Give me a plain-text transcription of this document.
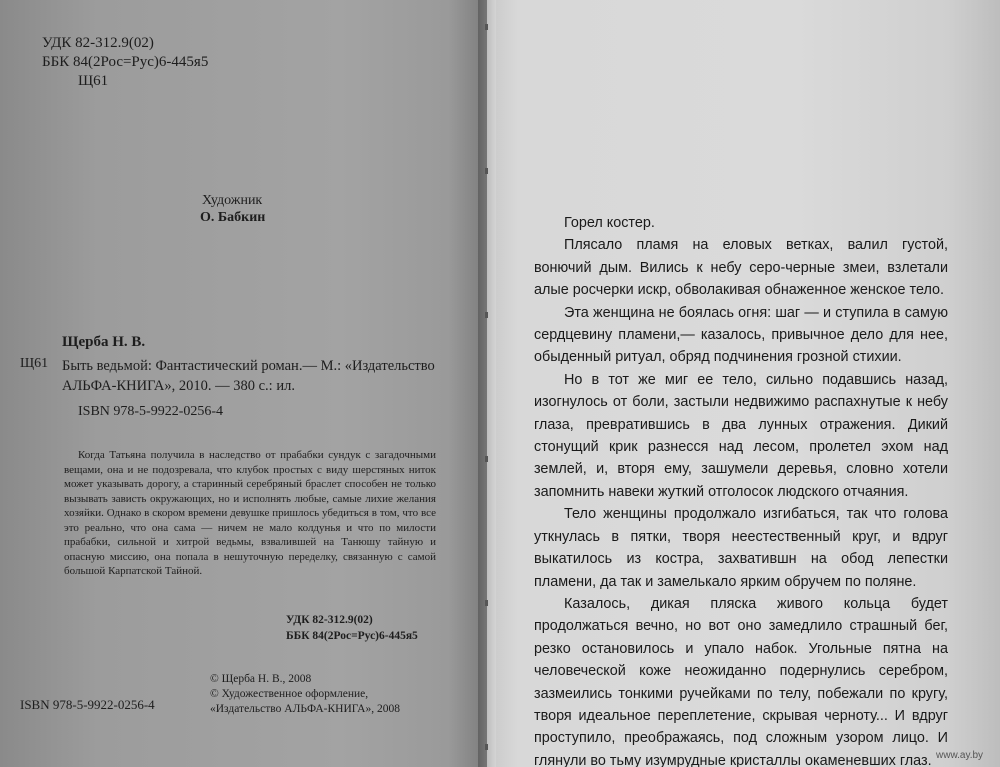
УДК 82-312.9(02)

ББК 84(2Рос=Рус)6-445я5

Щ61

Художник

О. Бабкин

Щерба Н. В.

Щ61 Быть ведьмой: Фантастический роман.— М.: «Издательство АЛЬФА-КНИГА», 2010. — 380 с.: ил.

ISBN 978-5-9922-0256-4

Когда Татьяна получила в наследство от прабабки сундук с загадочными вещами, она и не подозревала, что клубок простых с виду шерстяных ниток может указывать дорогу, а старинный серебряный браслет способен не только вызывать зависть окружающих, но и исполнять любые, самые лихие желания хозяйки. Однако в скором времени девушке пришлось убедиться в том, что все это реально, что она сама — ничем не мало колдунья и что по милости прабабки, сильной и хитрой ведьмы, взвалившей на Танюшу тайную и опасную миссию, она попала в нешуточную переделку, связанную с самой большой Карпатской Тайной.

УДК 82-312.9(02)

ББК 84(2Рос=Рус)6-445я5

© Щерба Н. В., 2008

© Художественное оформление,

«Издательство АЛЬФА-КНИГА», 2008

ISBN 978-5-9922-0256-4

Горел костер.

Плясало пламя на еловых ветках, валил густой, вонючий дым. Вились к небу серо-черные змеи, взлетали алые росчерки искр, обволакивая обнаженное женское тело.

Эта женщина не боялась огня: шаг — и ступила в самую сердцевину пламени,— казалось, привычное дело для нее, обыденный ритуал, обряд подчинения грозной стихии.

Но в тот же миг ее тело, сильно подавшись назад, изогнулось от боли, застыли недвижимо распахнутые к небу глаза, превратившись в два лунных отражения. Дикий стонущий крик разнесся над лесом, пролетел эхом над землей, и, вторя ему, зашумели деревья, словно хотели запомнить навеки жуткий отголосок людского отчаяния.

Тело женщины продолжало изгибаться, так что голова уткнулась в пятки, творя неестественный круг, и вдруг выкатилось из костра, захватившн на обод лепестки пламени, да так и замелькало ярким обручем по поляне.

Казалось, дикая пляска живого кольца будет продолжаться вечно, но вот оно замедлило страшный бег, резко остановилось и упало набок. Угольные пятна на человеческой коже неожиданно подернулись серебром, зазмеились тонкими ручейками по телу, побежали по кругу, творя идеальное переплетение, скрывая черноту... И вдруг проступило, преображаясь, под сложным узором лицо. И глянули во тьму изумрудные кристаллы окаменевших глаз. www.ay.by
